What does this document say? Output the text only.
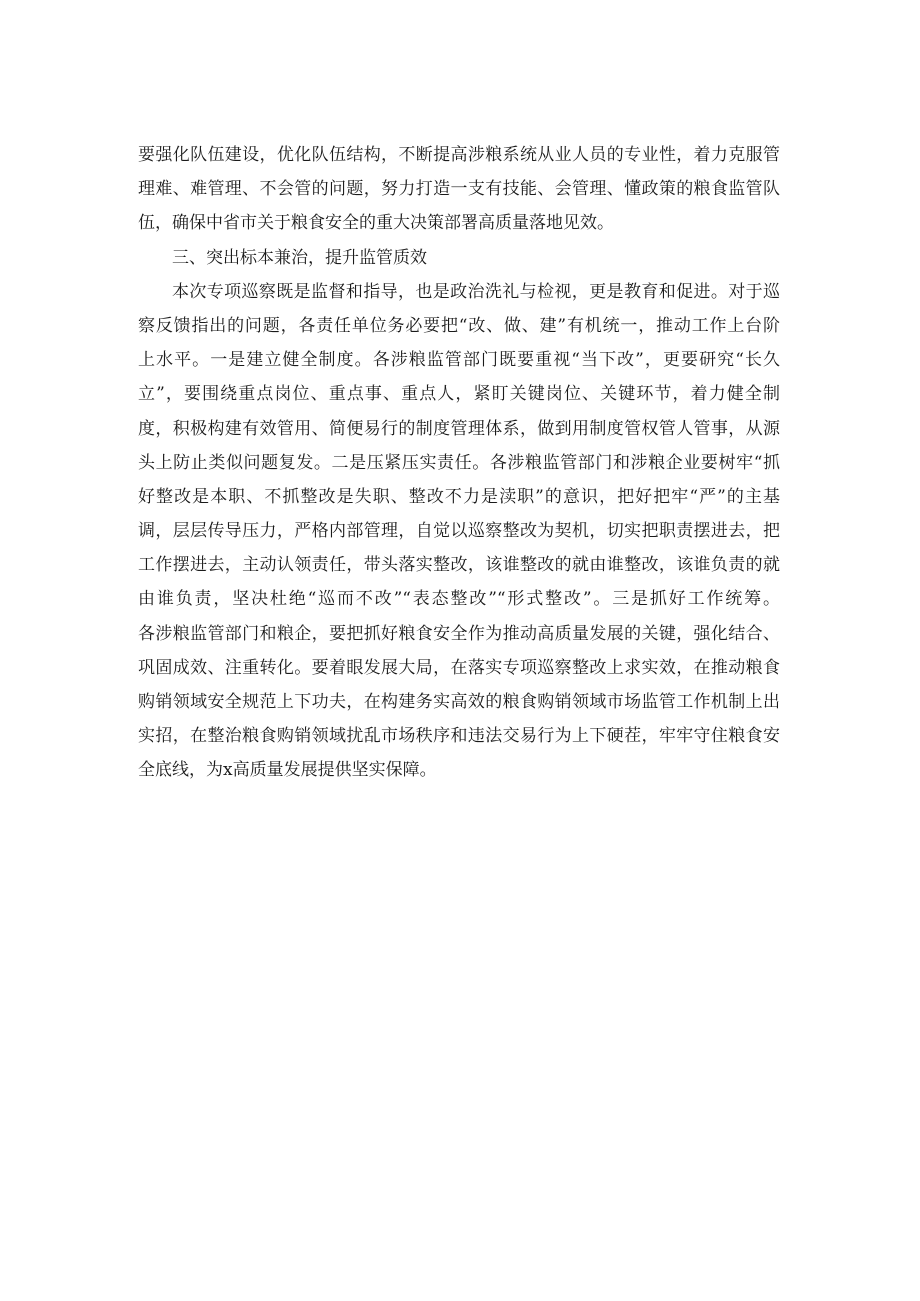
要强化队伍建设，优化队伍结构，不断提高涉粮系统从业人员的专业性，着力克服管
理难、难管理、不会管的问题，努力打造一支有技能、会管理、懂政策的粮食监管队
伍，确保中省市关于粮食安全的重大决策部署高质量落地见效。
三、突出标本兼治，提升监管质效
本次专项巡察既是监督和指导，也是政治洗礼与检视，更是教育和促进。对于巡
察反馈指出的问题，各责任单位务必要把“改、做、建”有机统一，推动工作上台阶
上水平。一是建立健全制度。各涉粮监管部门既要重视“当下改”，更要研究“长久
立”，要围绕重点岗位、重点事、重点人，紧盯关键岗位、关键环节，着力健全制
度，积极构建有效管用、简便易行的制度管理体系，做到用制度管权管人管事，从源
头上防止类似问题复发。二是压紧压实责任。各涉粮监管部门和涉粮企业要树牢“抓
好整改是本职、不抓整改是失职、整改不力是渎职”的意识，把好把牢“严”的主基
调，层层传导压力，严格内部管理，自觉以巡察整改为契机，切实把职责摆进去，把
工作摆进去，主动认领责任，带头落实整改，该谁整改的就由谁整改，该谁负责的就
由谁负责，坚决杜绝“巡而不改”“表态整改”“形式整改”。三是抓好工作统筹。
各涉粮监管部门和粮企，要把抓好粮食安全作为推动高质量发展的关键，强化结合、
巩固成效、注重转化。要着眼发展大局，在落实专项巡察整改上求实效，在推动粮食
购销领域安全规范上下功夫，在构建务实高效的粮食购销领域市场监管工作机制上出
实招，在整治粮食购销领域扰乱市场秩序和违法交易行为上下硬茬，牢牢守住粮食安
全底线，为x高质量发展提供坚实保障。
